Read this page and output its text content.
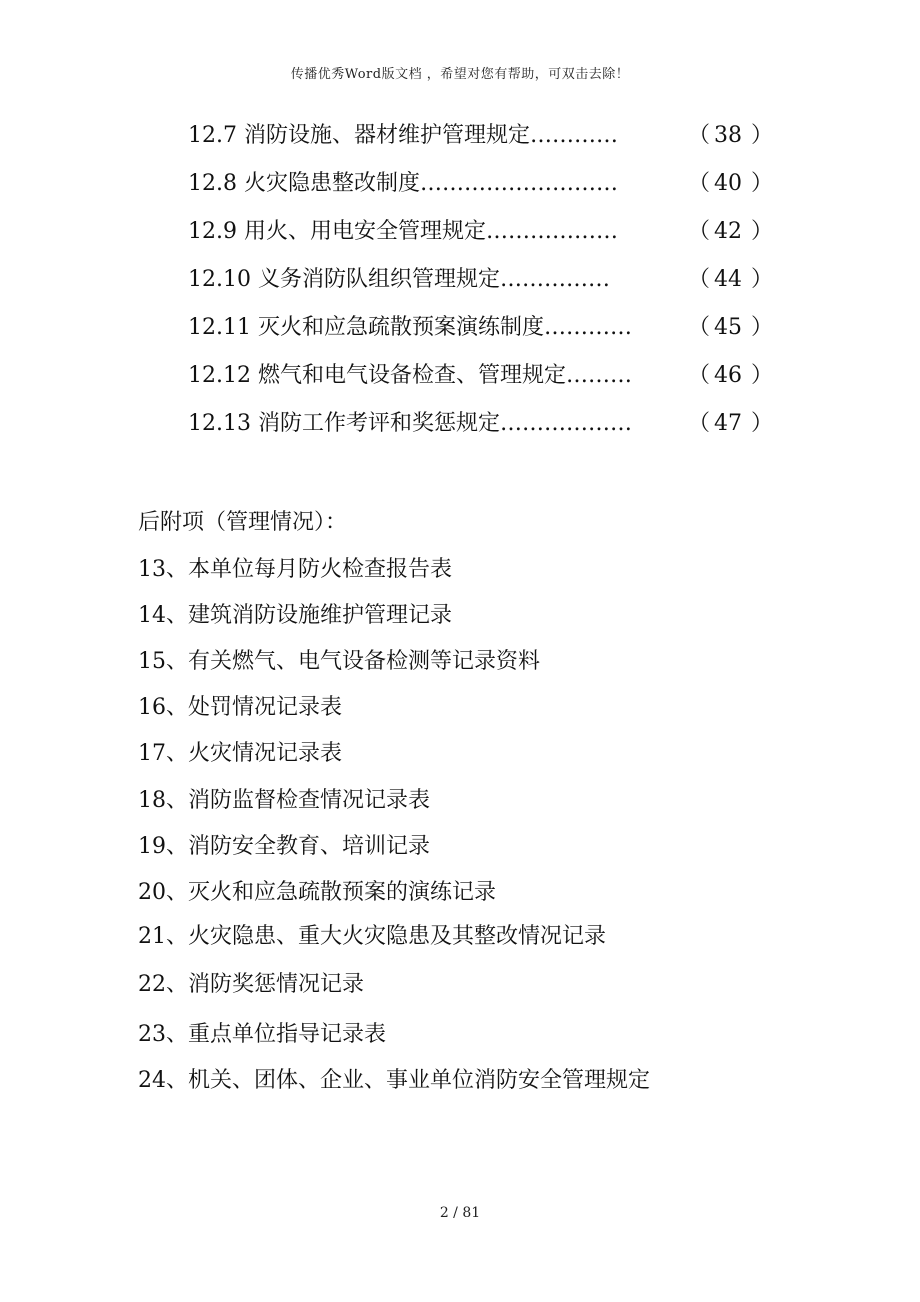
传播优秀Word版文档 ，希望对您有帮助，可双击去除！
12.7 消防设施、器材维护管理规定…………	（ 38 ）
12.8 火灾隐患整改制度………………………	（ 40 ）
12.9 用火、用电安全管理规定………………	（ 42 ）
12.10 义务消防队组织管理规定……………	（ 44 ）
12.11 灭火和应急疏散预案演练制度…………	（ 45 ）
12.12 燃气和电气设备检查、管理规定………	（ 46 ）
12.13 消防工作考评和奖惩规定………………	（ 47 ）
后附项（管理情况）：
13、本单位每月防火检查报告表
14、建筑消防设施维护管理记录
15、有关燃气、电气设备检测等记录资料
16、处罚情况记录表
17、火灾情况记录表
18、消防监督检查情况记录表
19、消防安全教育、培训记录
20、灭火和应急疏散预案的演练记录
21、火灾隐患、重大火灾隐患及其整改情况记录
22、消防奖惩情况记录
23、重点单位指导记录表
24、机关、团体、企业、事业单位消防安全管理规定
2 / 81
